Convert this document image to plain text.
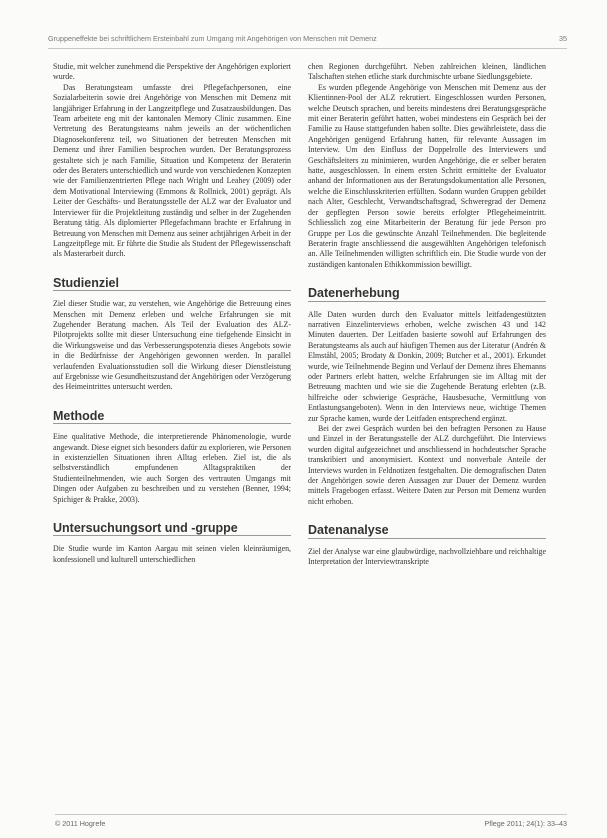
Gruppeneffekte bei schriftlichem Ersteinbahl zum Umgang mit Angehörigen von Menschen mit Demenz	35

Studie, mit welcher zunehmend die Perspektive der Angehörigen exploriert wurde.

Das Beratungsteam umfasste drei Pflegefachpersonen, eine Sozialarbeiterin sowie drei Angehörige von Menschen mit Demenz mit langjähriger Erfahrung in der Langzeitpflege und Zusatzausbildungen. Das Team arbeitete eng mit der kantonalen Memory Clinic zusammen. Eine Vertretung des Beratungsteams nahm jeweils an der wöchentlichen Diagnosekonferenz teil, wo Situationen der betreuten Menschen mit Demenz und ihrer Familien besprochen wurden. Der Beratungsprozess gestaltete sich je nach Familie, Situation und Kompetenz der Beraterin oder des Beraters unterschiedlich und wurde von verschiedenen Konzepten wie der Familienzentrierten Pflege nach Wright und Leahey (2009) oder dem Motivational Interviewing (Emmons & Rollnick, 2001) geprägt. Als Leiter der Geschäfts- und Beratungsstelle der ALZ war der Evaluator und Interviewer für die Projektleitung zuständig und selber in der Zugehenden Beratung tätig. Als diplomierter Pflegefachmann brachte er Erfahrung in Betreuung von Menschen mit Demenz aus seiner achtjährigen Arbeit in der Langzeitpflege mit. Er führte die Studie als Student der Pflegewissenschaft als Masterarbeit durch.

Studienziel

Ziel dieser Studie war, zu verstehen, wie Angehörige die Betreuung eines Menschen mit Demenz erleben und welche Erfahrungen sie mit Zugehender Beratung machen. Als Teil der Evaluation des ALZ-Pilotprojekts sollte mit dieser Untersuchung eine tiefgehende Einsicht in die Wirkungsweise und das Verbesserungspotenzia dieses Angebots sowie in die Bedürfnisse der Angehörigen gewonnen werden. In parallel verlaufenden Evaluationsstudien soll die Wirkung dieser Dienstleistung auf Ergebnisse wie Gesundheitszustand der Angehörigen oder Verzögerung des Heimeintrittes untersucht werden.

Methode

Eine qualitative Methode, die interpretierende Phänomenologie, wurde angewandt. Diese eignet sich besonders dafür zu explorieren, wie Personen in existenziellen Situationen ihren Alltag erleben. Ziel ist, die als selbstverständlich empfundenen Alltagspraktiken der Studienteilnehmenden, wie auch Sorgen des vertrauten Umgangs mit Dingen oder Aufgaben zu beschreiben und zu verstehen (Benner, 1994; Spichiger & Prakke, 2003).

Untersuchungsort und -gruppe

Die Studie wurde im Kanton Aargau mit seinen vielen kleinräumigen, konfessionell und kulturell unterschiedlichen

chen Regionen durchgeführt. Neben zahlreichen kleinen, ländlichen Talschaften stehen etliche stark durchmischte urbane Siedlungsgebiete.

Es wurden pflegende Angehörige von Menschen mit Demenz aus der Klientinnen-Pool der ALZ rekrutiert. Eingeschlossen wurden Personen, welche Deutsch sprachen, und bereits mindestens drei Beratungsgespräche mit einer Beraterin geführt hatten, wobei mindestens ein Gespräch bei der Familie zu Hause stattgefunden haben sollte. Dies gewährleistete, dass die Angehörigen genügend Erfahrung hatten, für relevante Aussagen im Interview. Um den Einfluss der Doppelrolle des Interviewers und Geschäftsleiters zu minimieren, wurden Angehörige, die er selber beraten hatte, ausgeschlossen. In einem ersten Schritt ermittelte der Evaluator anhand der Informationen aus der Beratungsdokumentation alle Personen, welche die Einschlusskriterien erfüllten. Sodann wurden Gruppen gebildet nach Alter, Geschlecht, Verwandtschaftsgrad, Schweregrad der Demenz der gepflegten Person sowie bereits erfolgter Pflegeheimeintritt. Schliesslich zog eine Mitarbeiterin der Beratung für jede Person pro Gruppe per Los die gewünschte Anzahl Teilnehmenden. Die begleitende Beraterin fragte anschliessend die ausgewählten Angehörigen telefonisch an. Alle Teilnehmenden willigten schriftlich ein. Die Studie wurde von der zuständigen kantonalen Ethikkommission bewilligt.

Datenerhebung

Alle Daten wurden durch den Evaluator mittels leitfadengestützten narrativen Einzelinterviews erhoben, welche zwischen 43 und 142 Minuten dauerten. Der Leitfaden basierte sowohl auf Erfahrungen des Beratungsteams als auch auf häufigen Themen aus der Literatur (Andrén & Elmståhl, 2005; Brodaty & Donkin, 2009; Butcher et al., 2001). Erkundet wurde, wie Teilnehmende Beginn und Verlauf der Demenz ihres Ehemanns oder Partners erlebt hatten, welche Erfahrungen sie im Alltag mit der Betreuung machten und wie sie die Zugehende Beratung erlebten (z.B. hilfreiche oder schwierige Gespräche, Hausbesuche, Vermittlung von Entlastungsangeboten). Wenn in den Interviews neue, wichtige Themen zur Sprache kamen, wurde der Leitfaden entsprechend ergänzt.

Bei der zwei Gespräch wurden bei den befragten Personen zu Hause und Einzel in der Beratungsstelle der ALZ durchgeführt. Die Interviews wurden digital aufgezeichnet und anschliessend in hochdeutscher Sprache transkribiert und anonymisiert. Kontext und nonverbale Anteile der Interviews wurden in Feldnotizen festgehalten. Die demografischen Daten der Angehörigen sowie deren Aussagen zur Dauer der Demenz wurden mittels Fragebogen erfasst. Weitere Daten zur Person mit Demenz wurden nicht erhoben.

Datenanalyse

Ziel der Analyse war eine glaubwürdige, nachvollziehbare und reichhaltige Interpretation der Interviewtranskripte

© 2011 Hogrefe	Pflege 2011; 24(1): 33–43
